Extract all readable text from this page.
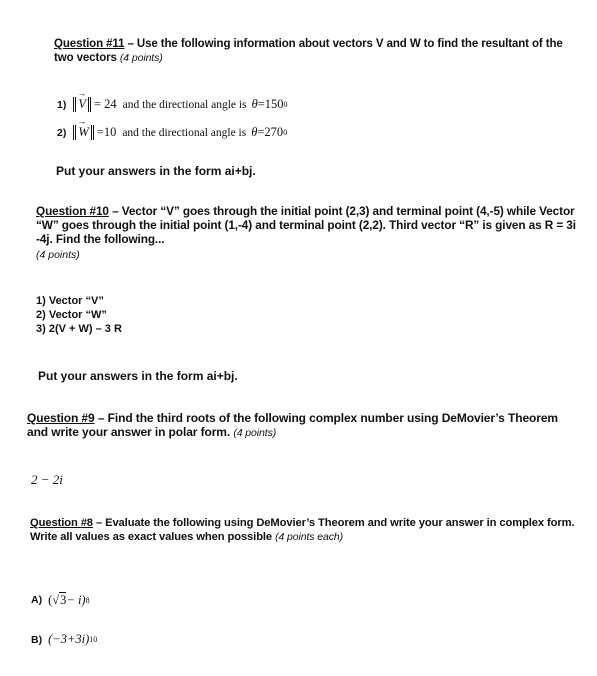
Question #11 – Use the following information about vectors V and W to find the resultant of the two vectors (4 points)
1) → V = 24 and the directional angle is θ =150 0
2) → W =10 and the directional angle is θ =270 0
Put your answers in the form ai+bj.
Question #10 – Vector “V” goes through the initial point (2,3) and terminal point (4,-5) while Vector “W” goes through the initial point (1,-4) and terminal point (2,2). Third vector “R” is given as R = 3i -4j. Find the following...
(4 points)
1) Vector “V”
2) Vector “W”
3) 2(V + W) – 3 R
Put your answers in the form ai+bj.
Question #9 – Find the third roots of the following complex number using DeMovier’s Theorem and write your answer in polar form. (4 points)
2 − 2i
Question #8 – Evaluate the following using DeMovier’s Theorem and write your answer in complex form. Write all values as exact values when possible (4 points each)
A) ( √ 3 − i) 8
B) (−3+3i) 10
